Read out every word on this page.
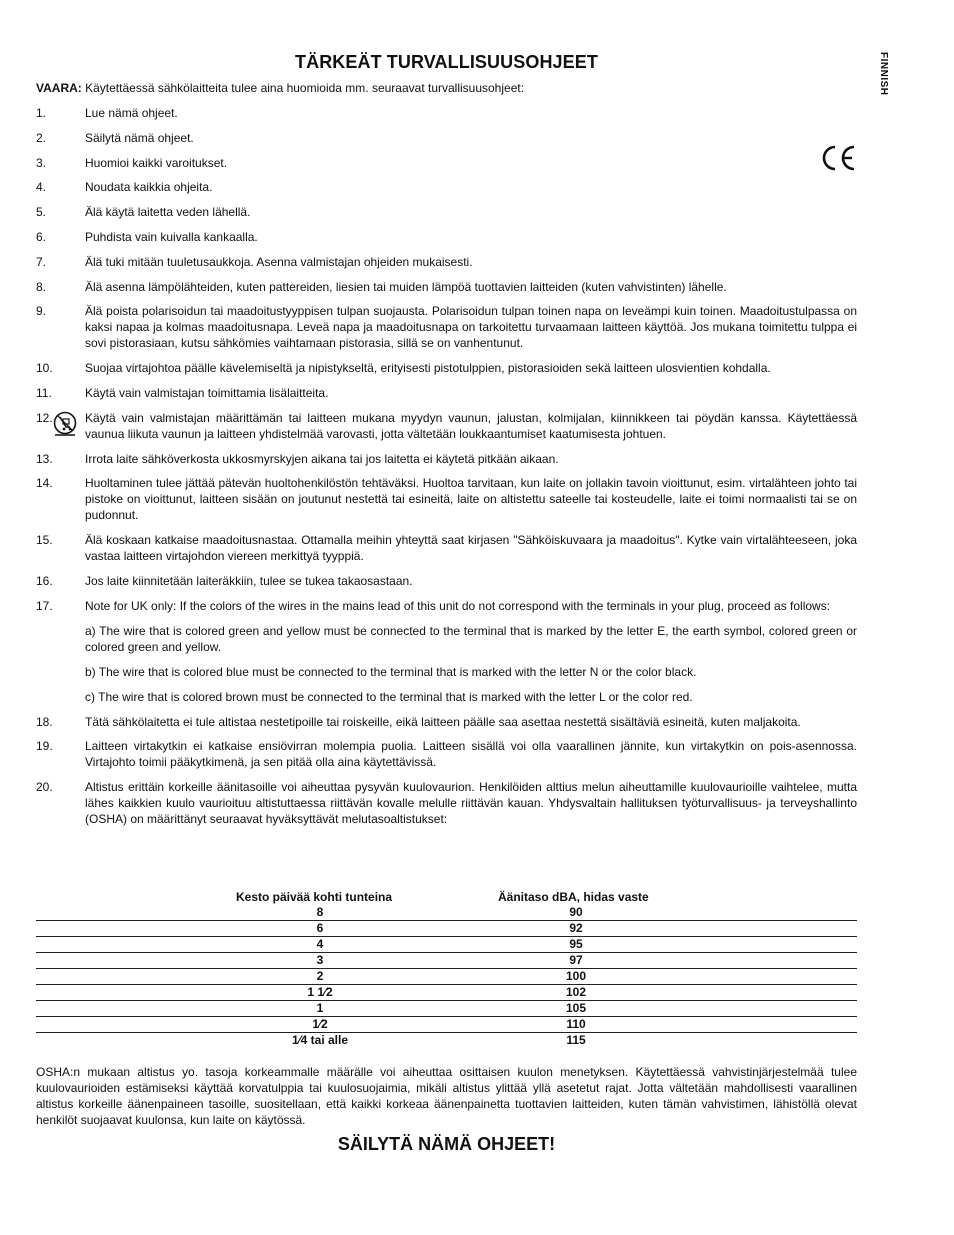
TÄRKEÄT TURVALLISUUSOHJEET	FINNISH
VAARA: Käytettäessä sähkölaitteita tulee aina huomioida mm. seuraavat turvallisuusohjeet:
1.	Lue nämä ohjeet.
2.	Säilytä nämä ohjeet.
3.	Huomioi kaikki varoitukset.
4.	Noudata kaikkia ohjeita.
5.	Älä käytä laitetta veden lähellä.
6.	Puhdista vain kuivalla kankaalla.
7.	Älä tuki mitään tuuletusaukkoja. Asenna valmistajan ohjeiden mukaisesti.
8.	Älä asenna lämpölähteiden, kuten pattereiden, liesien tai muiden lämpöä tuottavien laitteiden (kuten vahvistinten) lähelle.
9.	Älä poista polarisoidun tai maadoitustyyppisen tulpan suojausta. Polarisoidun tulpan toinen napa on leveämpi kuin toinen. Maadoitustulpassa on kaksi napaa ja kolmas maadoitusnapa. Leveä napa ja maadoitusnapa on tarkoitettu turvaamaan laitteen käyttöä. Jos mukana toimitettu tulppa ei sovi pistorasiaan, kutsu sähkömies vaihtamaan pistorasia, sillä se on vanhentunut.
10.	Suojaa virtajohtoa päälle kävelemiseltä ja nipistykseltä, erityisesti pistotulppien, pistorasioiden sekä laitteen ulosvientien kohdalla.
11.	Käytä vain valmistajan toimittamia lisälaitteita.
12.	Käytä vain valmistajan määrittämän tai laitteen mukana myydyn vaunun, jalustan, kolmijalan, kiinnikkeen tai pöydän kanssa. Käytettäessä vaunua liikuta vaunun ja laitteen yhdistelmää varovasti, jotta vältetään loukkaantumiset kaatumisesta johtuen.
13.	Irrota laite sähköverkosta ukkosmyrskyjen aikana tai jos laitetta ei käytetä pitkään aikaan.
14.	Huoltaminen tulee jättää pätevän huoltohenkilöstön tehtäväksi. Huoltoa tarvitaan, kun laite on jollakin tavoin vioittunut, esim. virtalähteen johto tai pistoke on vioittunut, laitteen sisään on joutunut nestettä tai esineitä, laite on altistettu sateelle tai kosteudelle, laite ei toimi normaalisti tai se on pudonnut.
15.	Älä koskaan katkaise maadoitusnastaa. Ottamalla meihin yhteyttä saat kirjasen "Sähköiskuvaara ja maadoitus". Kytke vain virtalähteeseen, joka vastaa laitteen virtajohdon viereen merkittyä tyyppiä.
16.	Jos laite kiinnitetään laiteräkkiin, tulee se tukea takaosastaan.
17.	Note for UK only: If the colors of the wires in the mains lead of this unit do not correspond with the terminals in your plug, proceed as follows:
a) The wire that is colored green and yellow must be connected to the terminal that is marked by the letter E, the earth symbol, colored green or colored green and yellow.
b) The wire that is colored blue must be connected to the terminal that is marked with the letter N or the color black.
c) The wire that is colored brown must be connected to the terminal that is marked with the letter L or the color red.
18.	Tätä sähkölaitetta ei tule altistaa nestetipoille tai roiskeille, eikä laitteen päälle saa asettaa nestettä sisältäviä esineitä, kuten maljakoita.
19.	Laitteen virtakytkin ei katkaise ensiövirran molempia puolia. Laitteen sisällä voi olla vaarallinen jännite, kun virtakytkin on pois-asennossa. Virtajohto toimii pääkytkimenä, ja sen pitää olla aina käytettävissä.
20.	Altistus erittäin korkeille äänitasoille voi aiheuttaa pysyvän kuulovaurion. Henkilöiden alttius melun aiheuttamille kuulovaurioille vaihtelee, mutta lähes kaikkien kuulo vaurioituu altistuttaessa riittävän kovalle melulle riittävän kauan. Yhdysvaltain hallituksen työturvallisuus- ja terveyshallinto (OSHA) on määrittänyt seuraavat hyväksyttävät melutasoaltistukset:
Kesto päivää kohti tunteina	Äänitaso dBA, hidas vaste
8	90
6	92
4	95
3	97
2	100
1 1⁄2	102
1	105
1⁄2	110
1⁄4 tai alle	115

OSHA:n mukaan altistus yo. tasoja korkeammalle määrälle voi aiheuttaa osittaisen kuulon menetyksen. Käytettäessä vahvistinjärjestelmää tulee kuulovaurioiden estämiseksi käyttää korvatulppia tai kuulosuojaimia, mikäli altistus ylittää yllä asetetut rajat. Jotta vältetään mahdollisesti vaarallinen altistus korkeille äänenpaineen tasoille, suositellaan, että kaikki korkeaa äänenpainetta tuottavien laitteiden, kuten tämän vahvistimen, lähistöllä olevat henkilöt suojaavat kuulonsa, kun laite on käytössä.

SÄILYTÄ NÄMÄ OHJEET!
